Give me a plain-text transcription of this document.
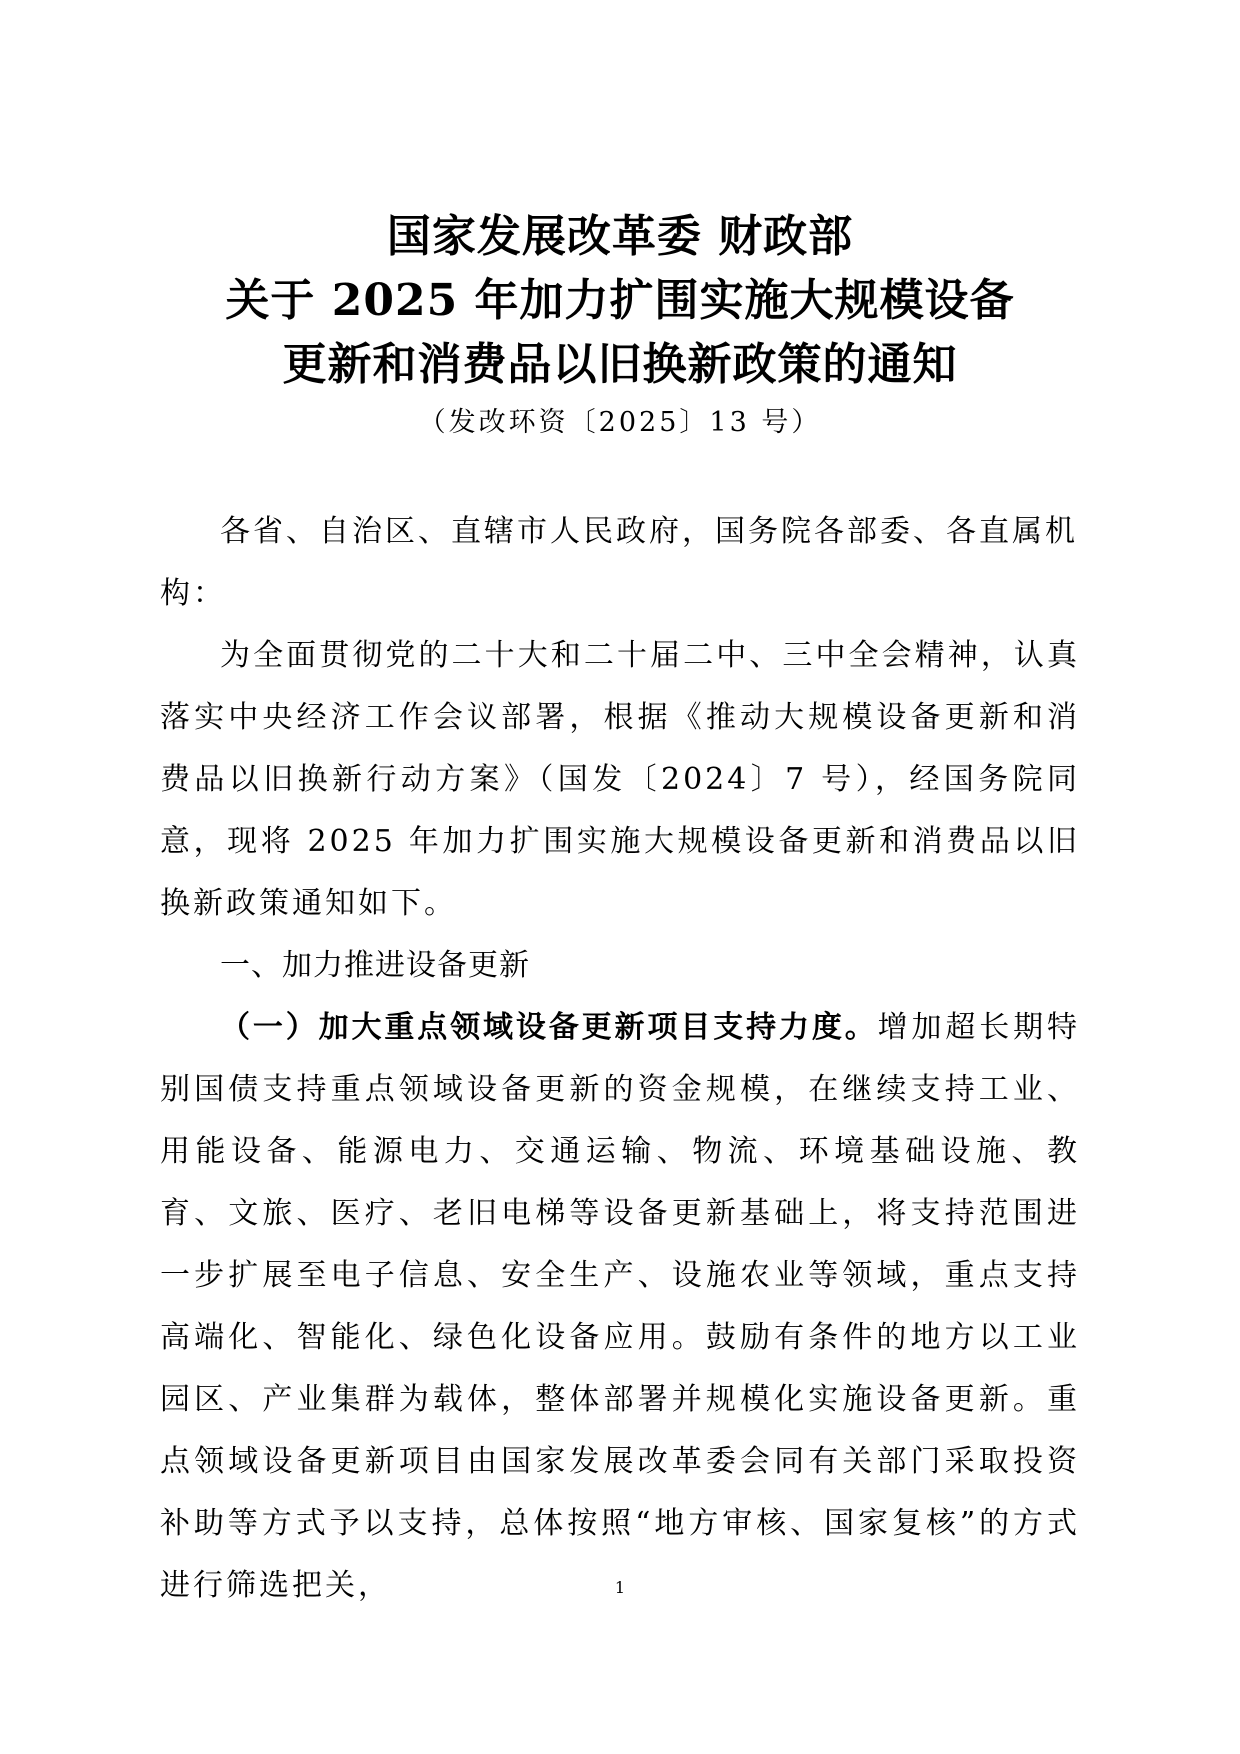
国家发展改革委 财政部
关于 2025 年加力扩围实施大规模设备
更新和消费品以旧换新政策的通知
（发改环资〔2025〕13 号）

各省、自治区、直辖市人民政府，国务院各部委、各直属机构：

为全面贯彻党的二十大和二十届二中、三中全会精神，认真落实中央经济工作会议部署，根据《推动大规模设备更新和消费品以旧换新行动方案》（国发〔2024〕7 号），经国务院同意，现将 2025 年加力扩围实施大规模设备更新和消费品以旧换新政策通知如下。

一、加力推进设备更新

（一）加大重点领域设备更新项目支持力度。增加超长期特别国债支持重点领域设备更新的资金规模，在继续支持工业、用能设备、能源电力、交通运输、物流、环境基础设施、教育、文旅、医疗、老旧电梯等设备更新基础上，将支持范围进一步扩展至电子信息、安全生产、设施农业等领域，重点支持高端化、智能化、绿色化设备应用。鼓励有条件的地方以工业园区、产业集群为载体，整体部署并规模化实施设备更新。重点领域设备更新项目由国家发展改革委会同有关部门采取投资补助等方式予以支持，总体按照“地方审核、国家复核”的方式进行筛选把关，	1
